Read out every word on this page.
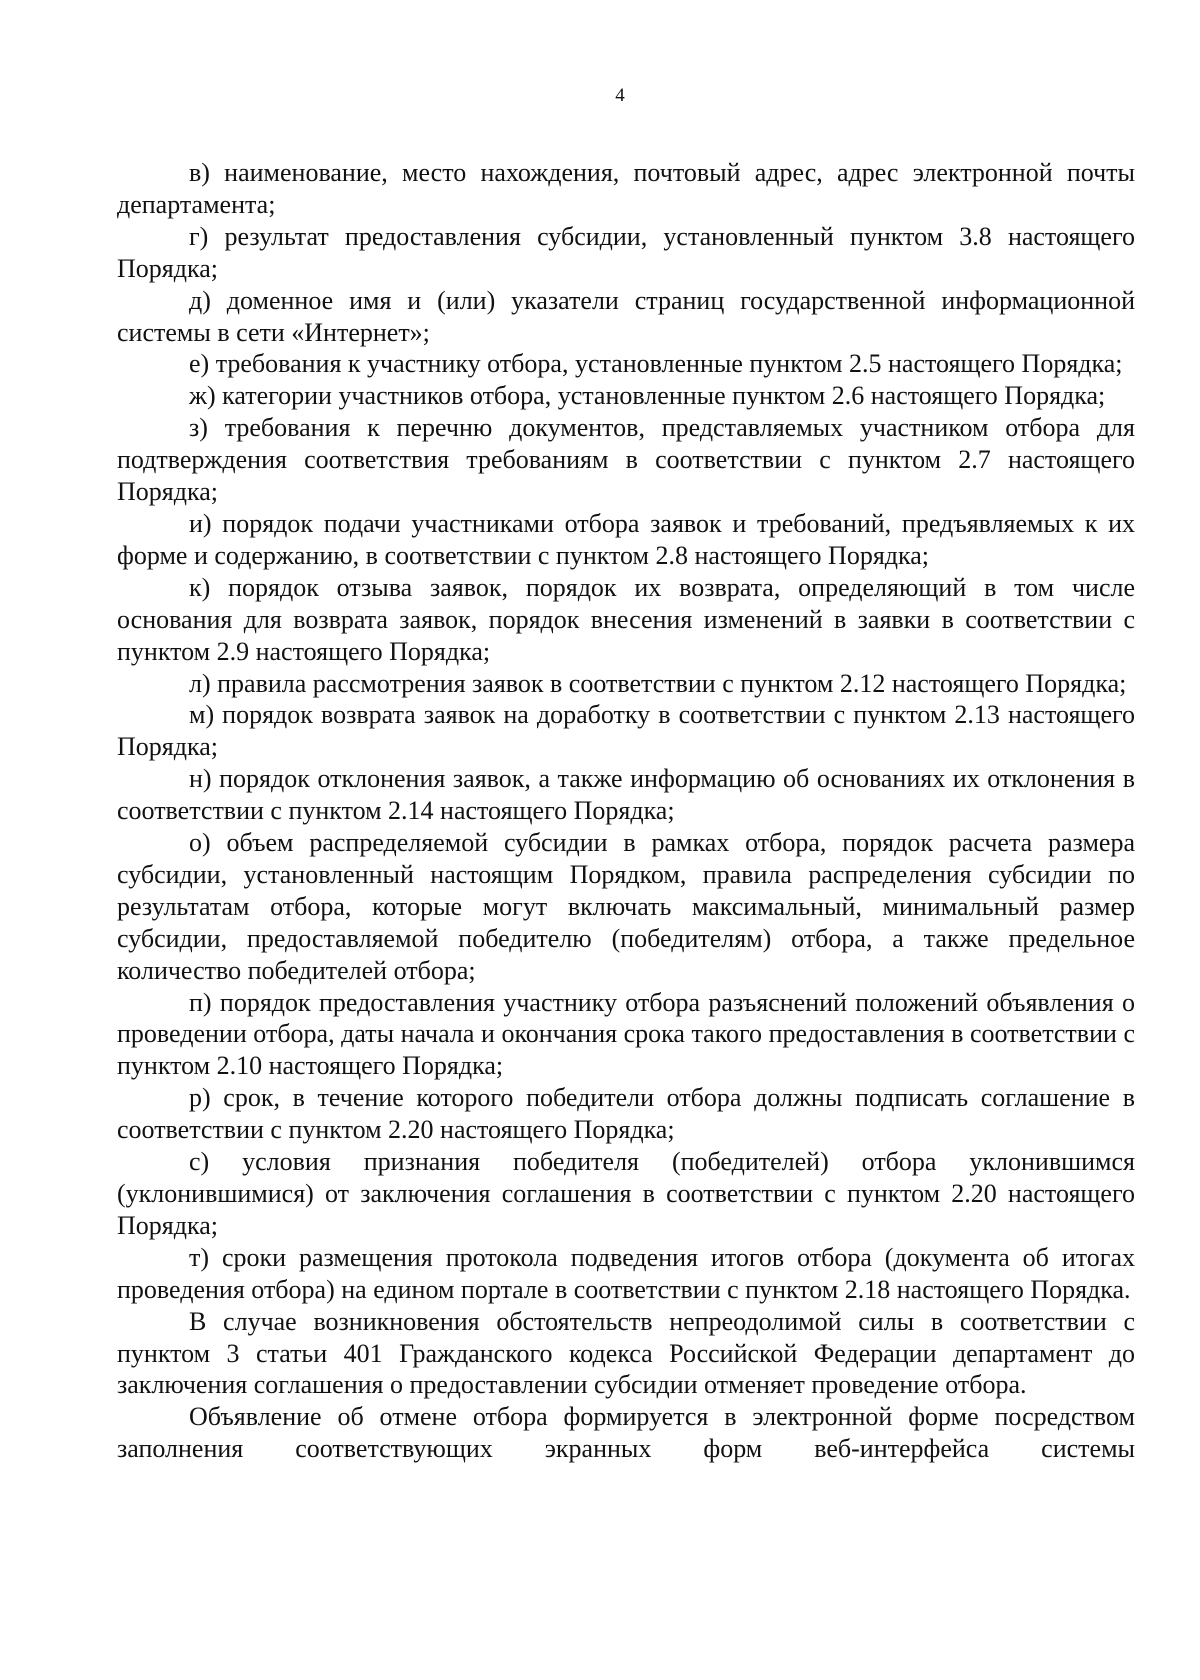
4

в) наименование, место нахождения, почтовый адрес, адрес электронной почты департамента;

г) результат предоставления субсидии, установленный пунктом 3.8 настоящего Порядка;

д) доменное имя и (или) указатели страниц государственной информационной системы в сети «Интернет»;

е) требования к участнику отбора, установленные пунктом 2.5 настоящего Порядка;

ж) категории участников отбора, установленные пунктом 2.6 настоящего Порядка;

з) требования к перечню документов, представляемых участником отбора для подтверждения соответствия требованиям в соответствии с пунктом 2.7 настоящего Порядка;

и) порядок подачи участниками отбора заявок и требований, предъявляемых к их форме и содержанию, в соответствии с пунктом 2.8 настоящего Порядка;

к) порядок отзыва заявок, порядок их возврата, определяющий в том числе основания для возврата заявок, порядок внесения изменений в заявки в соответствии с пунктом 2.9 настоящего Порядка;

л) правила рассмотрения заявок в соответствии с пунктом 2.12 настоящего Порядка;

м) порядок возврата заявок на доработку в соответствии с пунктом 2.13 настоящего Порядка;

н) порядок отклонения заявок, а также информацию об основаниях их отклонения в соответствии с пунктом 2.14 настоящего Порядка;

о) объем распределяемой субсидии в рамках отбора, порядок расчета размера субсидии, установленный настоящим Порядком, правила распределения субсидии по результатам отбора, которые могут включать максимальный, минимальный размер субсидии, предоставляемой победителю (победителям) отбора, а также предельное количество победителей отбора;

п) порядок предоставления участнику отбора разъяснений положений объявления о проведении отбора, даты начала и окончания срока такого предоставления в соответствии с пунктом 2.10 настоящего Порядка;

р) срок, в течение которого победители отбора должны подписать соглашение в соответствии с пунктом 2.20 настоящего Порядка;

с) условия признания победителя (победителей) отбора уклонившимся (уклонившимися) от заключения соглашения в соответствии с пунктом 2.20 настоящего Порядка;

т) сроки размещения протокола подведения итогов отбора (документа об итогах проведения отбора) на едином портале в соответствии с пунктом 2.18 настоящего Порядка.

В случае возникновения обстоятельств непреодолимой силы в соответствии с пунктом 3 статьи 401 Гражданского кодекса Российской Федерации департамент до заключения соглашения о предоставлении субсидии отменяет проведение отбора.

Объявление об отмене отбора формируется в электронной форме посредством заполнения соответствующих экранных форм веб-интерфейса системы
